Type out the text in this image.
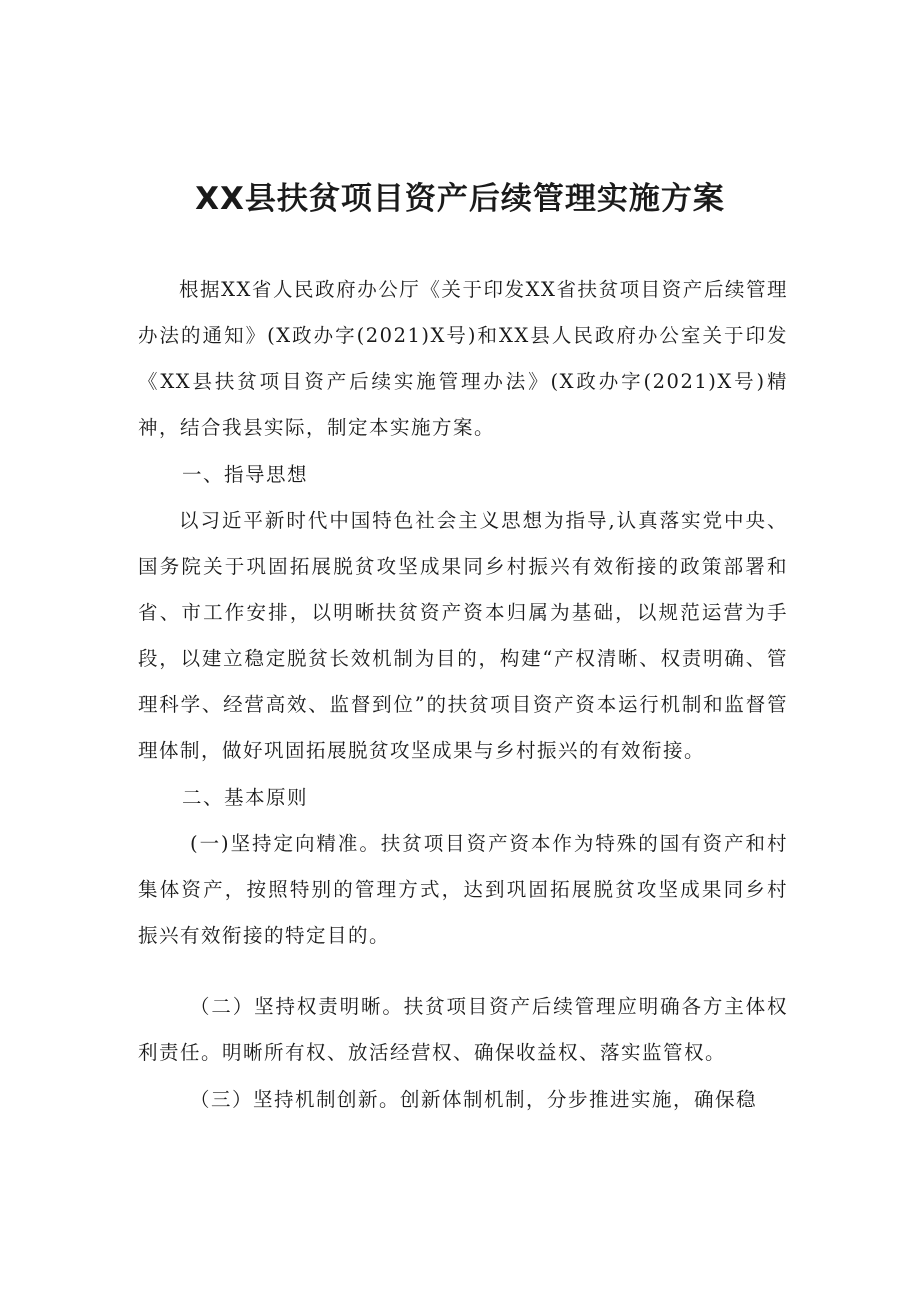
XX县扶贫项目资产后续管理实施方案

根据XX省人民政府办公厅《关于印发XX省扶贫项目资产后续管理办法的通知》(X政办字(2021)X号)和XX县人民政府办公室关于印发《XX县扶贫项目资产后续实施管理办法》(X政办字(2021)X号)精神，结合我县实际，制定本实施方案。

一、指导思想

以习近平新时代中国特色社会主义思想为指导,认真落实党中央、国务院关于巩固拓展脱贫攻坚成果同乡村振兴有效衔接的政策部署和省、市工作安排，以明晰扶贫资产资本归属为基础，以规范运营为手段，以建立稳定脱贫长效机制为目的，构建“产权清晰、权责明确、管理科学、经营高效、监督到位”的扶贫项目资产资本运行机制和监督管理体制，做好巩固拓展脱贫攻坚成果与乡村振兴的有效衔接。

二、基本原则

(一)坚持定向精准。扶贫项目资产资本作为特殊的国有资产和村集体资产，按照特别的管理方式，达到巩固拓展脱贫攻坚成果同乡村振兴有效衔接的特定目的。

（二）坚持权责明晰。扶贫项目资产后续管理应明确各方主体权利责任。明晰所有权、放活经营权、确保收益权、落实监管权。

（三）坚持机制创新。创新体制机制，分步推进实施，确保稳
